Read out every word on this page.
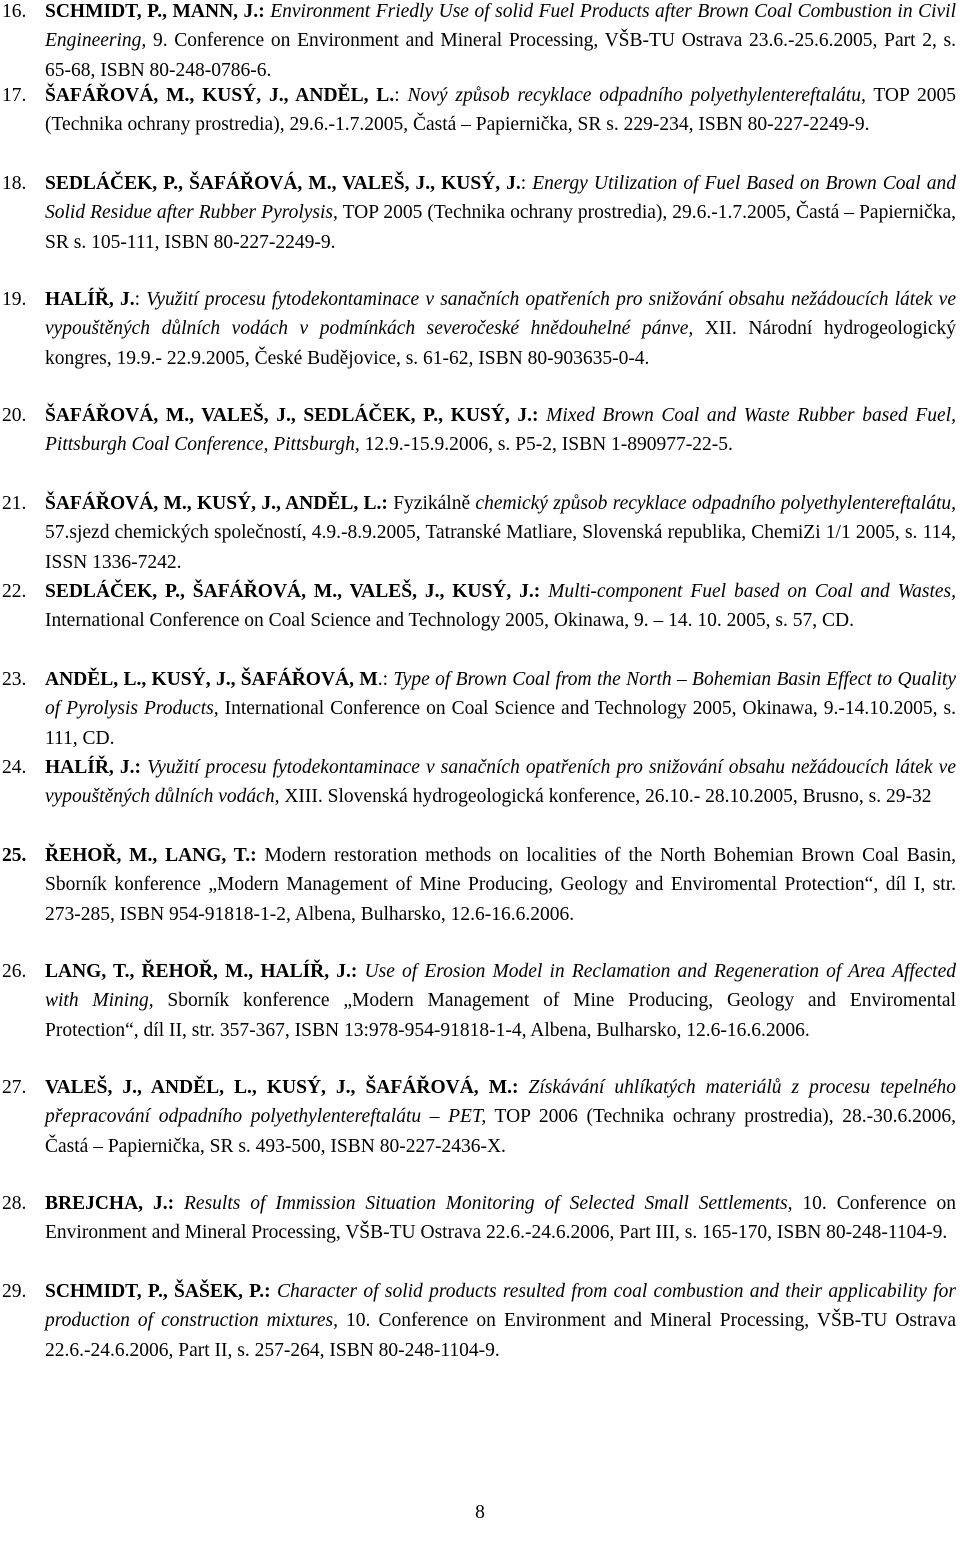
16. SCHMIDT, P., MANN, J.: Environment Friedly Use of solid Fuel Products after Brown Coal Combustion in Civil Engineering, 9. Conference on Environment and Mineral Processing, VŠB-TU Ostrava 23.6.-25.6.2005, Part 2, s. 65-68, ISBN 80-248-0786-6.
17. ŠAFÁŘOVÁ, M., KUSÝ, J., ANDĚL, L.: Nový způsob recyklace odpadního polyethylentereftalátu, TOP 2005 (Technika ochrany prostredia), 29.6.-1.7.2005, Častá – Papiernička, SR s. 229-234, ISBN 80-227-2249-9.
18. SEDLÁČEK, P., ŠAFÁŘOVÁ, M., VALEŠ, J., KUSÝ, J.: Energy Utilization of Fuel Based on Brown Coal and Solid Residue after Rubber Pyrolysis, TOP 2005 (Technika ochrany prostredia), 29.6.-1.7.2005, Častá – Papiernička, SR s. 105-111, ISBN 80-227-2249-9.
19. HALÍŘ, J.: Využití procesu fytodekontaminace v sanačních opatřeních pro snižování obsahu nežádoucích látek ve vypouštěných důlních vodách v podmínkách severočeské hnědouhelné pánve, XII. Národní hydrogeologický kongres, 19.9.- 22.9.2005, České Budějovice, s. 61-62, ISBN 80-903635-0-4.
20. ŠAFÁŘOVÁ, M., VALEŠ, J., SEDLÁČEK, P., KUSÝ, J.: Mixed Brown Coal and Waste Rubber based Fuel, Pittsburgh Coal Conference, Pittsburgh, 12.9.-15.9.2006, s. P5-2, ISBN 1-890977-22-5.
21. ŠAFÁŘOVÁ, M., KUSÝ, J., ANDĚL, L.: Fyzikálně chemický způsob recyklace odpadního polyethylentereftalátu, 57.sjezd chemických společností, 4.9.-8.9.2005, Tatranské Matliare, Slovenská republika, ChemiZi 1/1 2005, s. 114, ISSN 1336-7242.
22. SEDLÁČEK, P., ŠAFÁŘOVÁ, M., VALEŠ, J., KUSÝ, J.: Multi-component Fuel based on Coal and Wastes, International Conference on Coal Science and Technology 2005, Okinawa, 9. – 14. 10. 2005, s. 57, CD.
23. ANDĚL, L., KUSÝ, J., ŠAFÁŘOVÁ, M.: Type of Brown Coal from the North – Bohemian Basin Effect to Quality of Pyrolysis Products, International Conference on Coal Science and Technology 2005, Okinawa, 9.-14.10.2005, s. 111, CD.
24. HALÍŘ, J.: Využití procesu fytodekontaminace v sanačních opatřeních pro snižování obsahu nežádoucích látek ve vypouštěných důlních vodách, XIII. Slovenská hydrogeologická konference, 26.10.- 28.10.2005, Brusno, s. 29-32
25. ŘEHOŘ, M., LANG, T.: Modern restoration methods on localities of the North Bohemian Brown Coal Basin, Sborník konference „Modern Management of Mine Producing, Geology and Enviromental Protection“, díl I, str. 273-285, ISBN 954-91818-1-2, Albena, Bulharsko, 12.6-16.6.2006.
26. LANG, T., ŘEHOŘ, M., HALÍŘ, J.: Use of Erosion Model in Reclamation and Regeneration of Area Affected with Mining, Sborník konference „Modern Management of Mine Producing, Geology and Enviromental Protection“, díl II, str. 357-367, ISBN 13:978-954-91818-1-4, Albena, Bulharsko, 12.6-16.6.2006.
27. VALEŠ, J., ANDĚL, L., KUSÝ, J., ŠAFÁŘOVÁ, M.: Získávání uhlíkatých materiálů z procesu tepelného přepracování odpadního polyethylentereftalátu – PET, TOP 2006 (Technika ochrany prostredia), 28.-30.6.2006, Častá – Papiernička, SR s. 493-500, ISBN 80-227-2436-X.
28. BREJCHA, J.: Results of Immission Situation Monitoring of Selected Small Settlements, 10. Conference on Environment and Mineral Processing, VŠB-TU Ostrava 22.6.-24.6.2006, Part III, s. 165-170, ISBN 80-248-1104-9.
29. SCHMIDT, P., ŠAŠEK, P.: Character of solid products resulted from coal combustion and their applicability for production of construction mixtures, 10. Conference on Environment and Mineral Processing, VŠB-TU Ostrava 22.6.-24.6.2006, Part II, s. 257-264, ISBN 80-248-1104-9.
8
